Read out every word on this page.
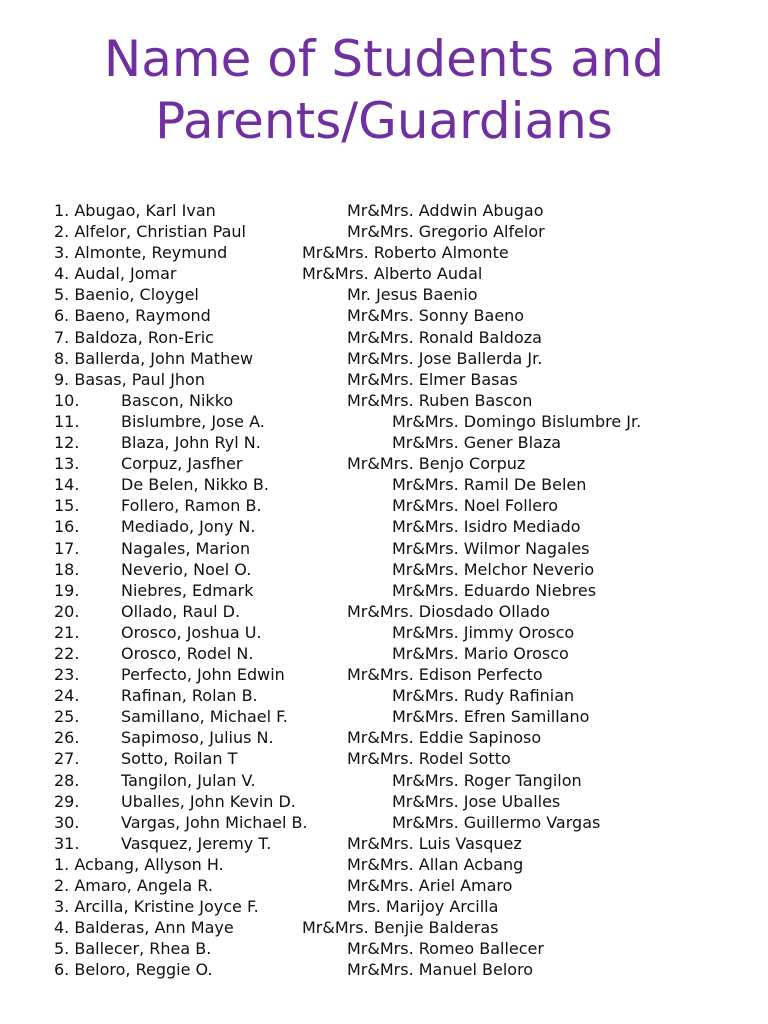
Name of Students and Parents/Guardians
1. Abugao, Karl Ivan	Mr&Mrs. Addwin Abugao
2. Alfelor, Christian Paul	Mr&Mrs. Gregorio Alfelor
3. Almonte, Reymund	Mr&Mrs. Roberto Almonte
4. Audal, Jomar	Mr&Mrs. Alberto Audal
5. Baenio, Cloygel	Mr. Jesus Baenio
6. Baeno, Raymond	Mr&Mrs. Sonny Baeno
7. Baldoza, Ron-Eric	Mr&Mrs. Ronald Baldoza
8. Ballerda, John Mathew	Mr&Mrs. Jose Ballerda Jr.
9. Basas, Paul Jhon	Mr&Mrs. Elmer Basas
10.	Bascon, Nikko	Mr&Mrs. Ruben Bascon
11.	Bislumbre, Jose A.	Mr&Mrs. Domingo Bislumbre Jr.
12.	Blaza, John Ryl N.	Mr&Mrs. Gener Blaza
13.	Corpuz, Jasfher	Mr&Mrs. Benjo Corpuz
14.	De Belen, Nikko B.	Mr&Mrs. Ramil De Belen
15.	Follero, Ramon B.	Mr&Mrs. Noel Follero
16.	Mediado, Jony N.	Mr&Mrs. Isidro Mediado
17.	Nagales, Marion	Mr&Mrs. Wilmor Nagales
18.	Neverio, Noel O.	Mr&Mrs. Melchor Neverio
19.	Niebres, Edmark	Mr&Mrs. Eduardo Niebres
20.	Ollado, Raul D.	Mr&Mrs. Diosdado Ollado
21.	Orosco, Joshua U.	Mr&Mrs. Jimmy Orosco
22.	Orosco, Rodel N.	Mr&Mrs. Mario Orosco
23.	Perfecto, John Edwin	Mr&Mrs. Edison Perfecto
24.	Rafinan, Rolan B.	Mr&Mrs. Rudy Rafinian
25.	Samillano, Michael F.	Mr&Mrs. Efren Samillano
26.	Sapimoso, Julius N.	Mr&Mrs. Eddie Sapinoso
27.	Sotto, Roilan T	Mr&Mrs. Rodel Sotto
28.	Tangilon, Julan V.	Mr&Mrs. Roger Tangilon
29.	Uballes, John Kevin D.	Mr&Mrs. Jose Uballes
30.	Vargas, John Michael B.	Mr&Mrs. Guillermo Vargas
31.	Vasquez, Jeremy T.	Mr&Mrs. Luis Vasquez
1. Acbang, Allyson H.	Mr&Mrs. Allan Acbang
2. Amaro, Angela R.	Mr&Mrs. Ariel Amaro
3. Arcilla, Kristine Joyce F.	Mrs. Marijoy Arcilla
4. Balderas, Ann Maye	Mr&Mrs. Benjie Balderas
5. Ballecer, Rhea B.	Mr&Mrs. Romeo Ballecer
6. Beloro, Reggie O.	Mr&Mrs. Manuel Beloro
